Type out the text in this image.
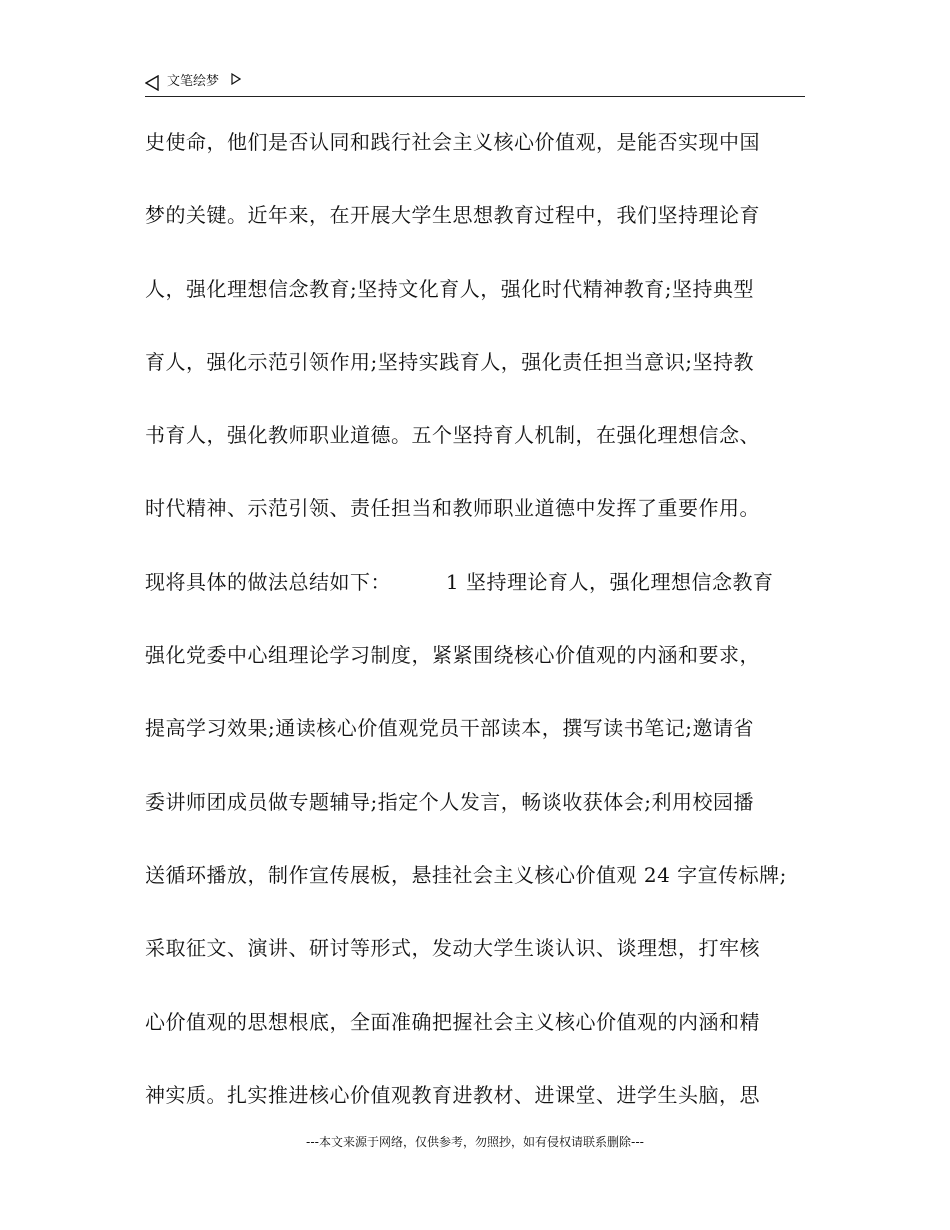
文笔绘梦
史使命，他们是否认同和践行社会主义核心价值观，是能否实现中国
梦的关键。近年来，在开展大学生思想教育过程中，我们坚持理论育
人，强化理想信念教育;坚持文化育人，强化时代精神教育;坚持典型
育人，强化示范引领作用;坚持实践育人，强化责任担当意识;坚持教
书育人，强化教师职业道德。五个坚持育人机制，在强化理想信念、
时代精神、示范引领、责任担当和教师职业道德中发挥了重要作用。
现将具体的做法总结如下：        1 坚持理论育人，强化理想信念教育
强化党委中心组理论学习制度，紧紧围绕核心价值观的内涵和要求，
提高学习效果;通读核心价值观党员干部读本，撰写读书笔记;邀请省
委讲师团成员做专题辅导;指定个人发言，畅谈收获体会;利用校园播
送循环播放，制作宣传展板，悬挂社会主义核心价值观 24 字宣传标牌;
采取征文、演讲、研讨等形式，发动大学生谈认识、谈理想，打牢核
心价值观的思想根底，全面准确把握社会主义核心价值观的内涵和精
神实质。扎实推进核心价值观教育进教材、进课堂、进学生头脑，思
---本文来源于网络，仅供参考，勿照抄，如有侵权请联系删除---
